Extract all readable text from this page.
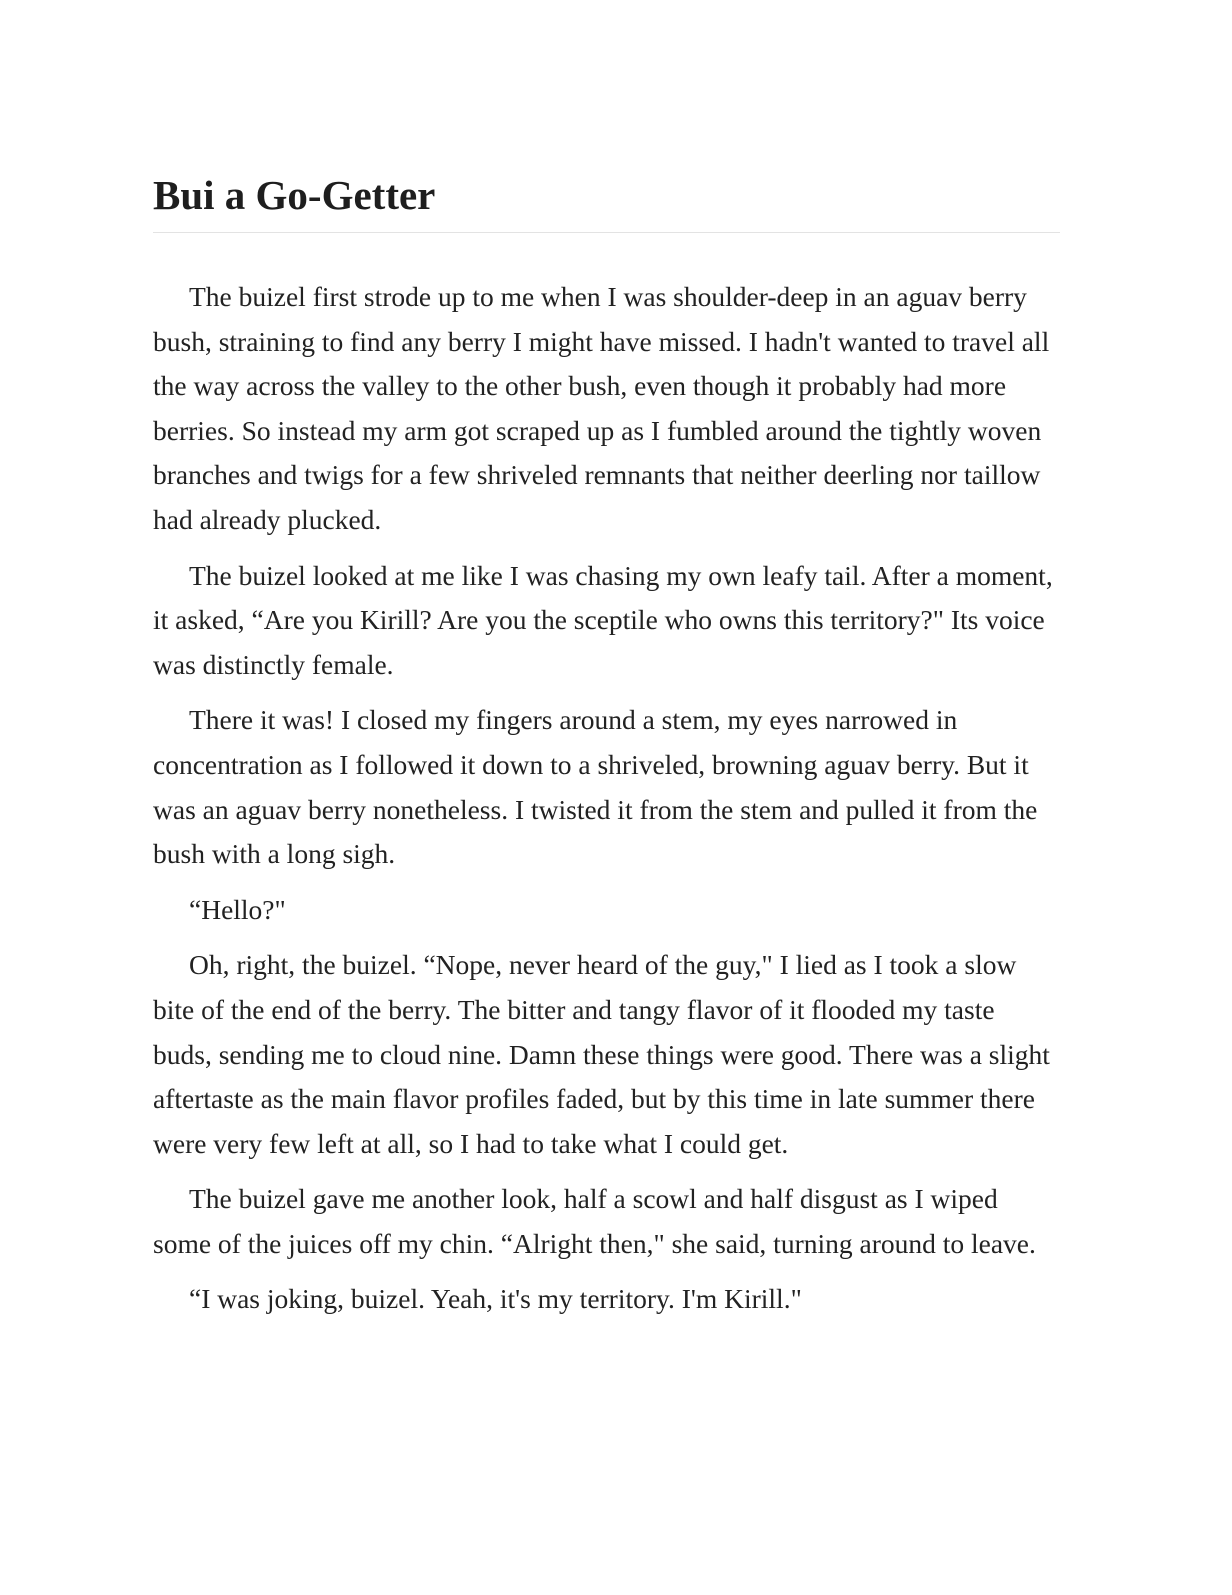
Bui a Go-Getter

The buizel first strode up to me when I was shoulder-deep in an aguav berry bush, straining to find any berry I might have missed. I hadn't wanted to travel all the way across the valley to the other bush, even though it probably had more berries. So instead my arm got scraped up as I fumbled around the tightly woven branches and twigs for a few shriveled remnants that neither deerling nor taillow had already plucked.

The buizel looked at me like I was chasing my own leafy tail. After a moment, it asked, “Are you Kirill? Are you the sceptile who owns this territory?" Its voice was distinctly female.

There it was! I closed my fingers around a stem, my eyes narrowed in concentration as I followed it down to a shriveled, browning aguav berry. But it was an aguav berry nonetheless. I twisted it from the stem and pulled it from the bush with a long sigh.

“Hello?"

Oh, right, the buizel. “Nope, never heard of the guy," I lied as I took a slow bite of the end of the berry. The bitter and tangy flavor of it flooded my taste buds, sending me to cloud nine. Damn these things were good. There was a slight aftertaste as the main flavor profiles faded, but by this time in late summer there were very few left at all, so I had to take what I could get.

The buizel gave me another look, half a scowl and half disgust as I wiped some of the juices off my chin. “Alright then," she said, turning around to leave.

“I was joking, buizel. Yeah, it's my territory. I'm Kirill."
